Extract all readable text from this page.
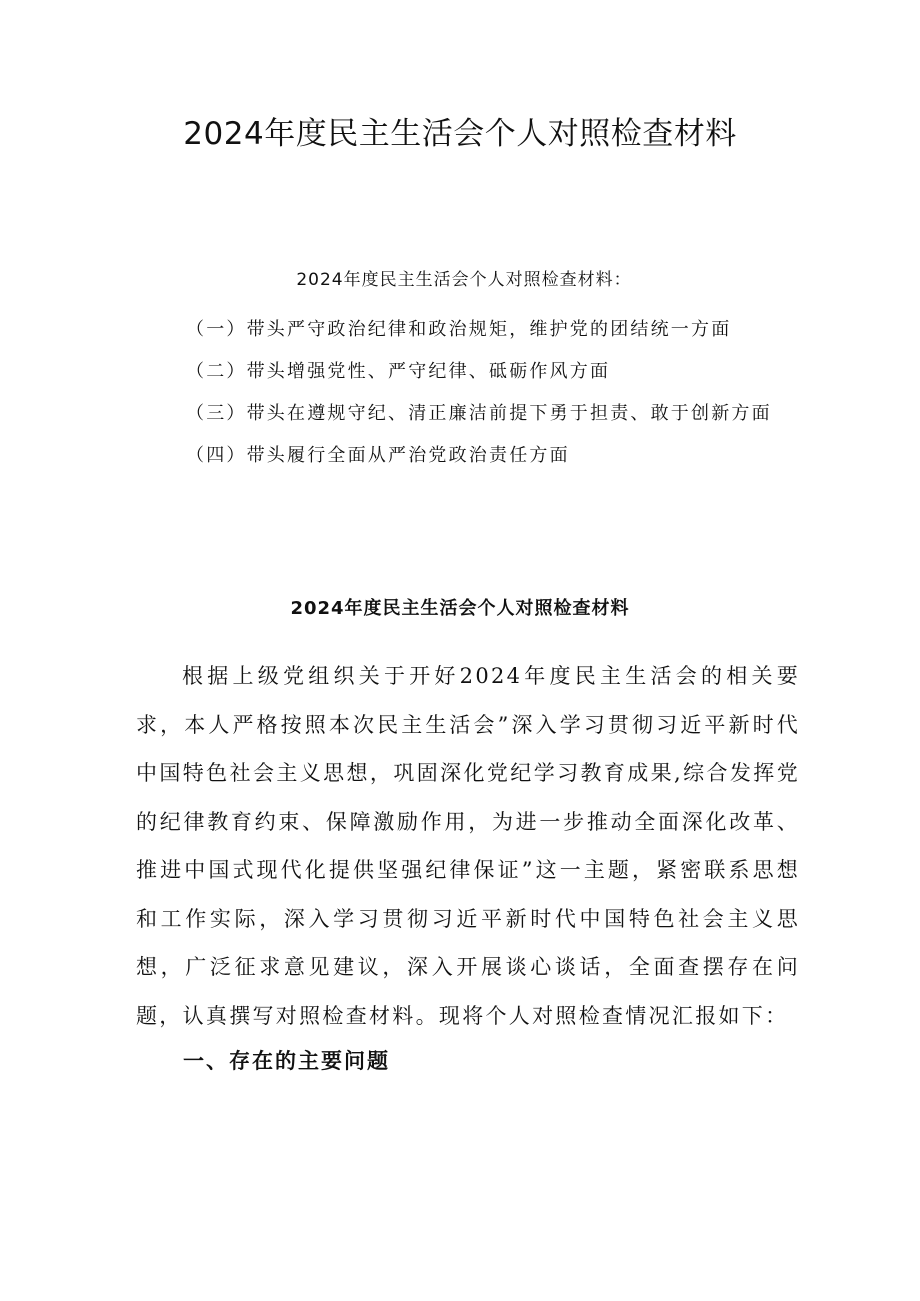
2024年度民主生活会个人对照检查材料
2024年度民主生活会个人对照检查材料：
（一）带头严守政治纪律和政治规矩，维护党的团结统一方面
（二）带头增强党性、严守纪律、砥砺作风方面
（三）带头在遵规守纪、清正廉洁前提下勇于担责、敢于创新方面
（四）带头履行全面从严治党政治责任方面
2024年度民主生活会个人对照检查材料

根据上级党组织关于开好2024年度民主生活会的相关要求，本人严格按照本次民主生活会”深入学习贯彻习近平新时代中国特色社会主义思想，巩固深化党纪学习教育成果,综合发挥党的纪律教育约束、保障激励作用，为进一步推动全面深化改革、推进中国式现代化提供坚强纪律保证”这一主题，紧密联系思想和工作实际，深入学习贯彻习近平新时代中国特色社会主义思想，广泛征求意见建议，深入开展谈心谈话，全面查摆存在问题，认真撰写对照检查材料。现将个人对照检查情况汇报如下：

一、存在的主要问题
